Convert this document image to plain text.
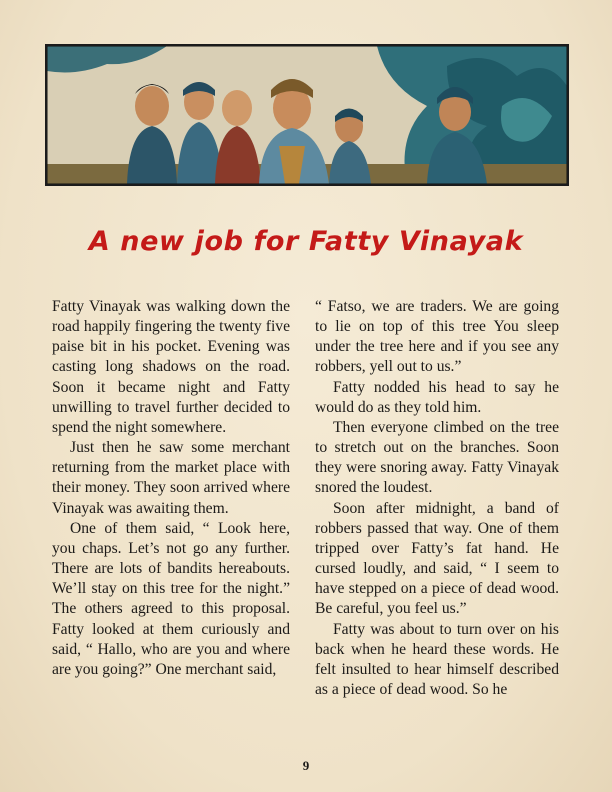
A new job for Fatty Vinayak

Fatty Vinayak was walking down the road happily fingering the twenty five paise bit in his pocket. Evening was casting long shadows on the road. Soon it became night and Fatty unwilling to travel further decided to spend the night somewhere.

Just then he saw some merchant returning from the market place with their money. They soon arrived where Vinayak was awaiting them.

One of them said, “ Look here, you chaps. Let’s not go any further. There are lots of bandits hereabouts. We’ll stay on this tree for the night.” The others agreed to this proposal. Fatty looked at them curiously and said, “ Hallo, who are you and where are you going?” One merchant said,

“ Fatso, we are traders. We are going to lie on top of this tree You sleep under the tree here and if you see any robbers, yell out to us.”

Fatty nodded his head to say he would do as they told him.

Then everyone climbed on the tree to stretch out on the branches. Soon they were snoring away. Fatty Vinayak snored the loudest.

Soon after midnight, a band of robbers passed that way. One of them tripped over Fatty’s fat hand. He cursed loudly, and said, “ I seem to have stepped on a piece of dead wood. Be careful, you feel us.”

Fatty was about to turn over on his back when he heard these words. He felt insulted to hear himself described as a piece of dead wood. So he

9
